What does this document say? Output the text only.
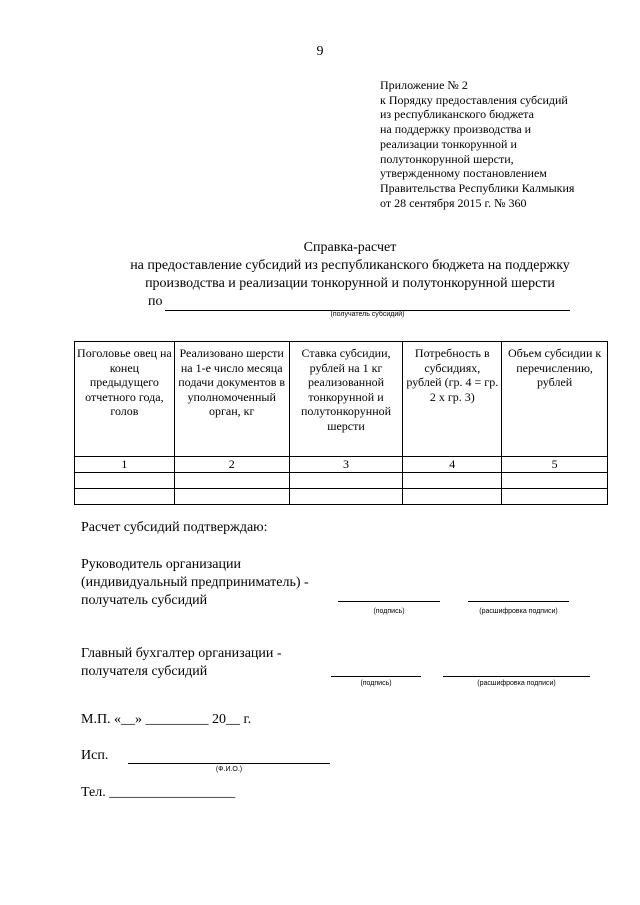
9
Приложение № 2
к Порядку предоставления субсидий
из республиканского бюджета
на поддержку производства и
реализации тонкорунной и
полутонкорунной шерсти,
утвержденному постановлением
Правительства Республики Калмыкия
от 28 сентября 2015 г. № 360
Справка-расчет
на предоставление субсидий из республиканского бюджета на поддержку
производства и реализации тонкорунной и полутонкорунной шерсти
по
(получатель субсидий)
Поголовье овец на конец предыдущего отчетного года, голов	Реализовано шерсти на 1-е число месяца подачи документов в уполномоченный орган, кг	Ставка субсидии, рублей на 1 кг реализованной тонкорунной и полутонкорунной шерсти	Потребность в субсидиях, рублей (гр. 4 = гр. 2 х гр. 3)	Объем субсидии к перечислению, рублей
1	2	3	4	5

Расчет субсидий подтверждаю:
Руководитель организации
(индивидуальный предприниматель) -
получатель субсидий
(подпись)	(расшифровка подписи)
Главный бухгалтер организации -
получателя субсидий
(подпись)	(расшифровка подписи)
М.П. «__» _________ 20__ г.
Исп.
(Ф.И.О.)
Тел. __________________
